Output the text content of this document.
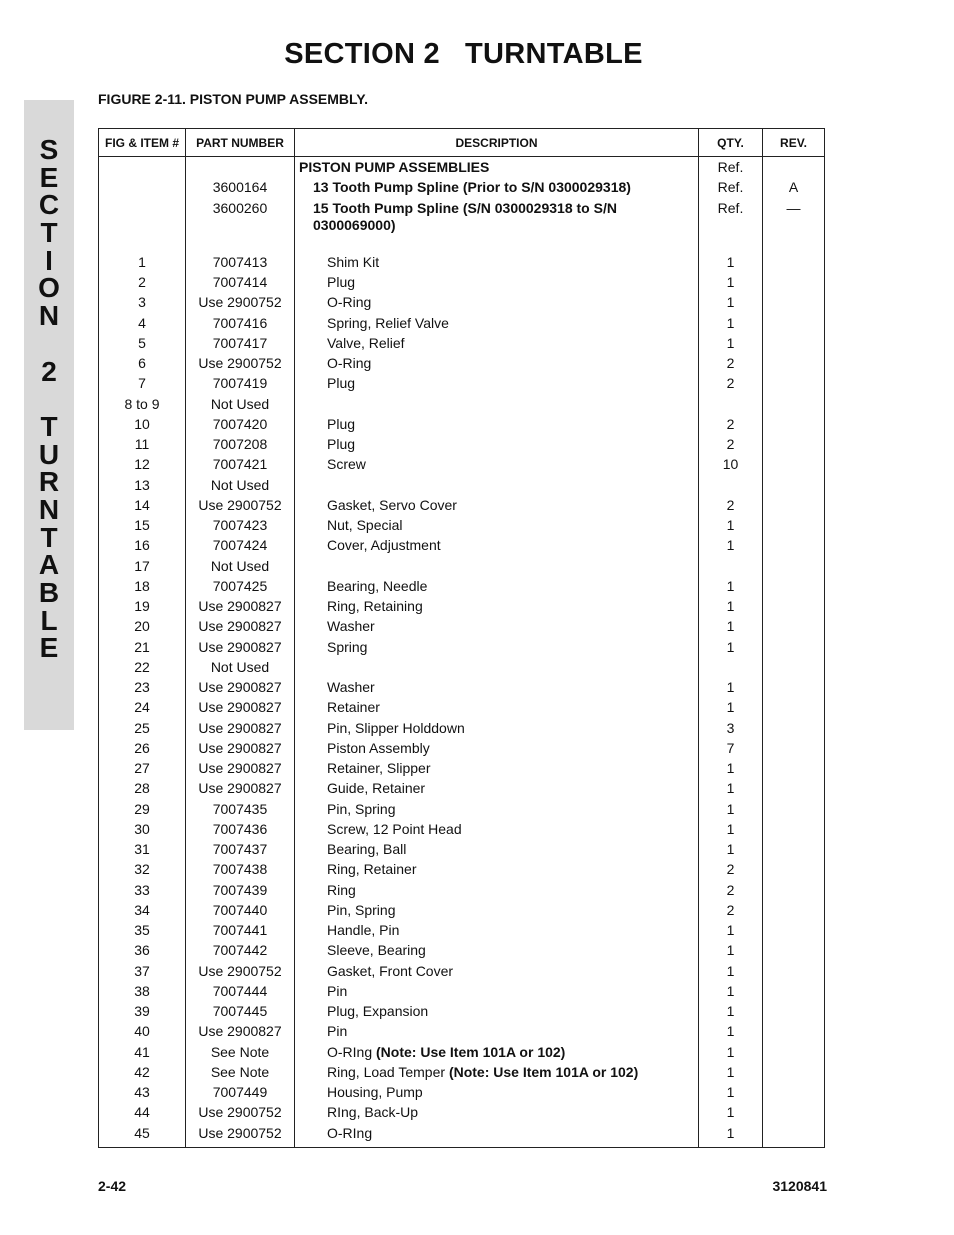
S
E
C
T
I
O
N
2
T
U
R
N
T
A
B
L
E
SECTION 2   TURNTABLE
FIGURE 2-11. PISTON PUMP ASSEMBLY.
FIG & ITEM #	PART NUMBER	DESCRIPTION	QTY.	REV.
		PISTON PUMP ASSEMBLIES	Ref.	
	3600164	13 Tooth Pump Spline (Prior to S/N 0300029318)	Ref.	A
	3600260	15 Tooth Pump Spline (S/N 0300029318 to S/N 0300069000)	Ref.	—

1	7007413	Shim Kit	1	
2	7007414	Plug	1	
3	Use 2900752	O-Ring	1	
4	7007416	Spring, Relief Valve	1	
5	7007417	Valve, Relief	1	
6	Use 2900752	O-Ring	2	
7	7007419	Plug	2	
8 to 9	Not Used			
10	7007420	Plug	2	
11	7007208	Plug	2	
12	7007421	Screw	10	
13	Not Used			
14	Use 2900752	Gasket, Servo Cover	2	
15	7007423	Nut, Special	1	
16	7007424	Cover, Adjustment	1	
17	Not Used			
18	7007425	Bearing, Needle	1	
19	Use 2900827	Ring, Retaining	1	
20	Use 2900827	Washer	1	
21	Use 2900827	Spring	1	
22	Not Used			
23	Use 2900827	Washer	1	
24	Use 2900827	Retainer	1	
25	Use 2900827	Pin, Slipper Holddown	3	
26	Use 2900827	Piston Assembly	7	
27	Use 2900827	Retainer, Slipper	1	
28	Use 2900827	Guide, Retainer	1	
29	7007435	Pin, Spring	1	
30	7007436	Screw, 12 Point Head	1	
31	7007437	Bearing, Ball	1	
32	7007438	Ring, Retainer	2	
33	7007439	Ring	2	
34	7007440	Pin, Spring	2	
35	7007441	Handle, Pin	1	
36	7007442	Sleeve, Bearing	1	
37	Use 2900752	Gasket, Front Cover	1	
38	7007444	Pin	1	
39	7007445	Plug, Expansion	1	
40	Use 2900827	Pin	1	
41	See Note	O-RIng (Note: Use Item 101A or 102)	1	
42	See Note	Ring, Load Temper (Note: Use Item 101A or 102)	1	
43	7007449	Housing, Pump	1	
44	Use 2900752	RIng, Back-Up	1	
45	Use 2900752	O-RIng	1	
2-42	3120841
